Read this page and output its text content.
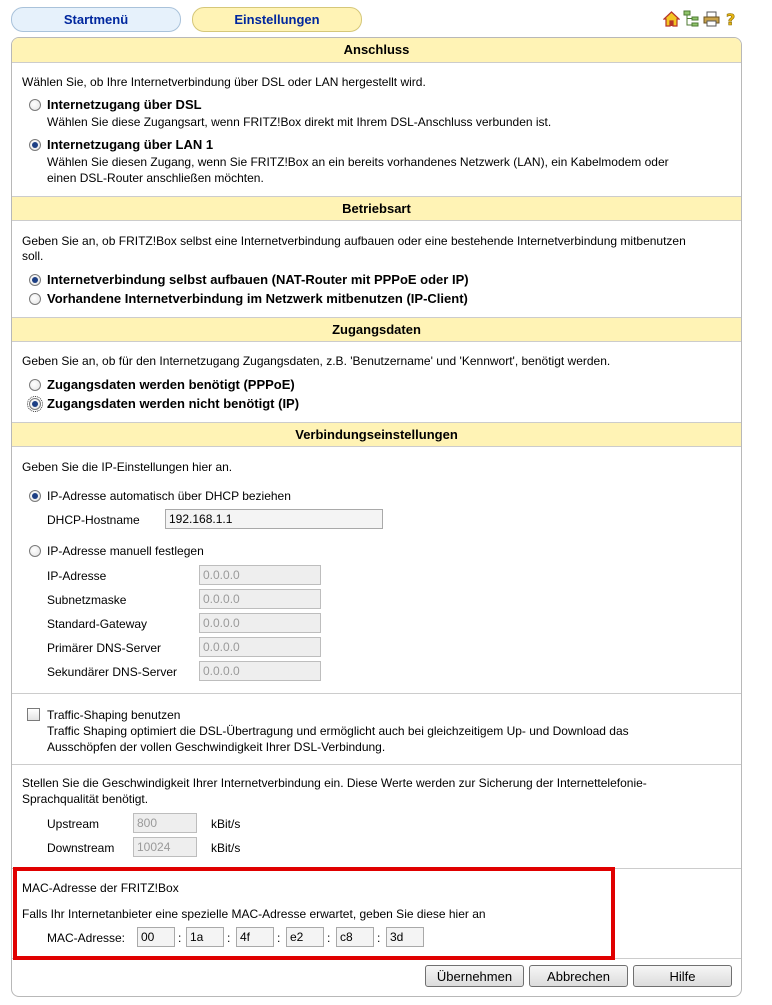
Startmenü	Einstellungen	?
Anschluss
Wählen Sie, ob Ihre Internetverbindung über DSL oder LAN hergestellt wird.
Internetzugang über DSL
Wählen Sie diese Zugangsart, wenn FRITZ!Box direkt mit Ihrem DSL-Anschluss verbunden ist.
Internetzugang über LAN 1
Wählen Sie diesen Zugang, wenn Sie FRITZ!Box an ein bereits vorhandenes Netzwerk (LAN), ein Kabelmodem oder
einen DSL-Router anschließen möchten.
Betriebsart
Geben Sie an, ob FRITZ!Box selbst eine Internetverbindung aufbauen oder eine bestehende Internetverbindung mitbenutzen
soll.
Internetverbindung selbst aufbauen (NAT-Router mit PPPoE oder IP)
Vorhandene Internetverbindung im Netzwerk mitbenutzen (IP-Client)
Zugangsdaten
Geben Sie an, ob für den Internetzugang Zugangsdaten, z.B. 'Benutzername' und 'Kennwort', benötigt werden.
Zugangsdaten werden benötigt (PPPoE)
Zugangsdaten werden nicht benötigt (IP)
Verbindungseinstellungen
Geben Sie die IP-Einstellungen hier an.
IP-Adresse automatisch über DHCP beziehen
DHCP-Hostname
192.168.1.1
IP-Adresse manuell festlegen
IP-Adresse
0.0.0.0
Subnetzmaske
0.0.0.0
Standard-Gateway
0.0.0.0
Primärer DNS-Server
0.0.0.0
Sekundärer DNS-Server
0.0.0.0
Traffic-Shaping benutzen
Traffic Shaping optimiert die DSL-Übertragung und ermöglicht auch bei gleichzeitigem Up- und Download das
Ausschöpfen der vollen Geschwindigkeit Ihrer DSL-Verbindung.
Stellen Sie die Geschwindigkeit Ihrer Internetverbindung ein. Diese Werte werden zur Sicherung der Internettelefonie-
Sprachqualität benötigt.
Upstream
800	kBit/s
Downstream
10024	kBit/s
MAC-Adresse der FRITZ!Box
Falls Ihr Internetanbieter eine spezielle MAC-Adresse erwartet, geben Sie diese hier an
MAC-Adresse:
00	:
1a	:
4f	:
e2	:
c8	:
3d
Übernehmen	Abbrechen	Hilfe
